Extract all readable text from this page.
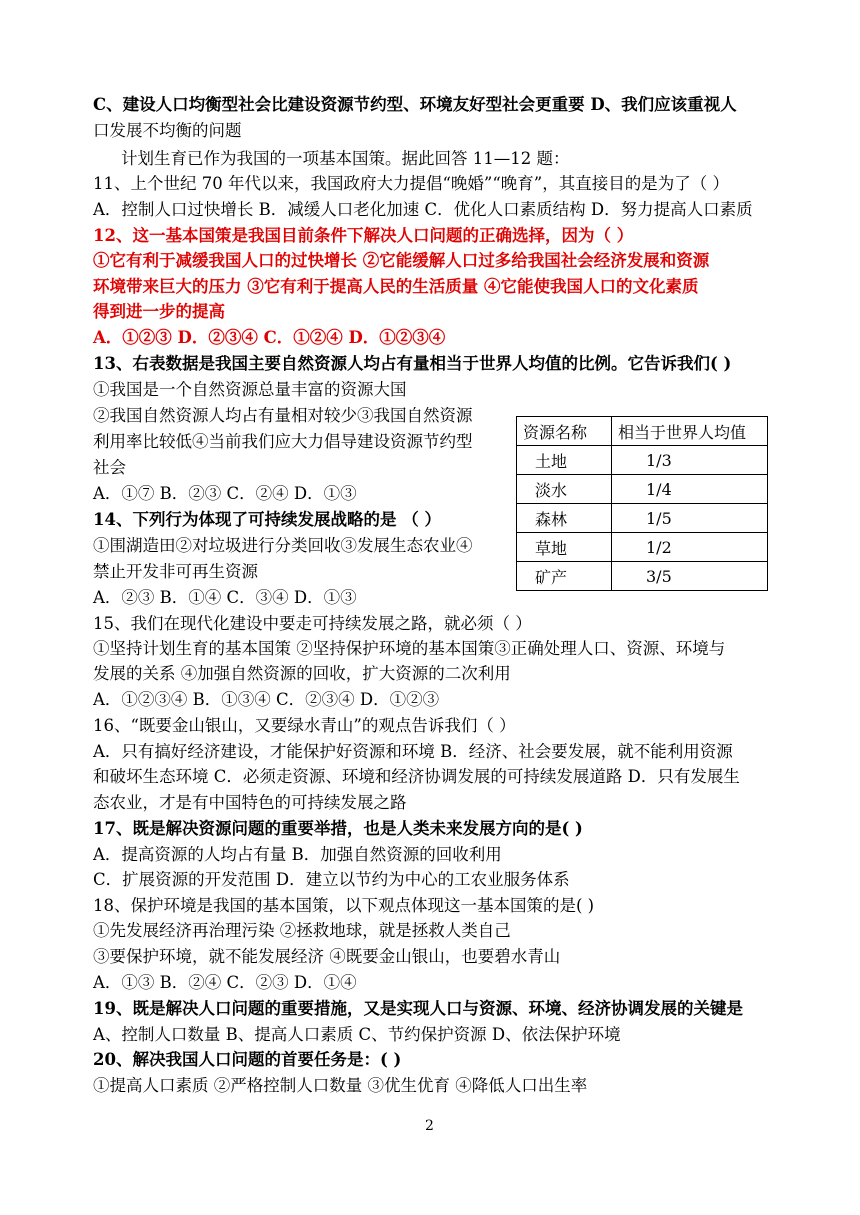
C、建设人口均衡型社会比建设资源节约型、环境友好型社会更重要 D、我们应该重视人
口发展不均衡的问题
计划生育已作为我国的一项基本国策。据此回答 11—12 题：
11、上个世纪 70 年代以来，我国政府大力提倡“晚婚”“晚育”，其直接目的是为了（ ）
A．控制人口过快增长 B．减缓人口老化加速 C．优化人口素质结构 D．努力提高人口素质
12、这一基本国策是我国目前条件下解决人口问题的正确选择，因为（ ）
①它有利于减缓我国人口的过快增长 ②它能缓解人口过多给我国社会经济发展和资源
环境带来巨大的压力 ③它有利于提高人民的生活质量 ④它能使我国人口的文化素质
得到进一步的提高
A．①②③ D．②③④ C．①②④ D．①②③④
13、右表数据是我国主要自然资源人均占有量相当于世界人均值的比例。它告诉我们( )
①我国是一个自然资源总量丰富的资源大国
②我国自然资源人均占有量相对较少③我国自然资源
利用率比较低④当前我们应大力倡导建设资源节约型
社会
A．①⑦ B．②③ C．②④ D．①③
14、下列行为体现了可持续发展战略的是 （ ）
①围湖造田②对垃圾进行分类回收③发展生态农业④
禁止开发非可再生资源
A．②③ B．①④ C．③④ D．①③
15、我们在现代化建设中要走可持续发展之路，就必须（ ）
①坚持计划生育的基本国策 ②坚持保护环境的基本国策③正确处理人口、资源、环境与
发展的关系 ④加强自然资源的回收，扩大资源的二次利用
A．①②③④ B．①③④ C．②③④ D．①②③
16、“既要金山银山，又要绿水青山”的观点告诉我们（ ）
A．只有搞好经济建设，才能保护好资源和环境 B．经济、社会要发展，就不能利用资源
和破坏生态环境 C．必须走资源、环境和经济协调发展的可持续发展道路 D．只有发展生
态农业，才是有中国特色的可持续发展之路
17、既是解决资源问题的重要举措，也是人类未来发展方向的是( )
A．提高资源的人均占有量 B．加强自然资源的回收利用
C．扩展资源的开发范围 D．建立以节约为中心的工农业服务体系
18、保护环境是我国的基本国策，以下观点体现这一基本国策的是( )
①先发展经济再治理污染 ②拯救地球，就是拯救人类自己
③要保护环境，就不能发展经济 ④既要金山银山，也要碧水青山
A．①③ B．②④ C．②③ D．①④
19、既是解决人口问题的重要措施，又是实现人口与资源、环境、经济协调发展的关键是
A、控制人口数量 B、提高人口素质 C、节约保护资源 D、依法保护环境
20、解决我国人口问题的首要任务是：( )
①提高人口素质 ②严格控制人口数量 ③优生优育 ④降低人口出生率
资源名称	相当于世界人均值
土地	1/3
淡水	1/4
森林	1/5
草地	1/2
矿产	3/5
2
